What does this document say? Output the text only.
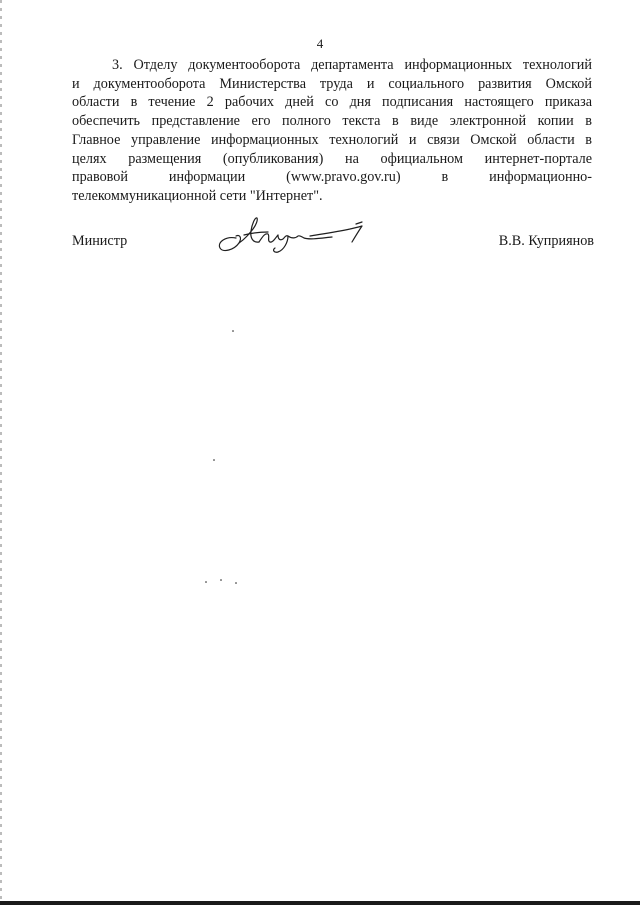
4
3. Отделу документооборота департамента информационных технологий
и документооборота Министерства труда и социального развития Омской
области в течение 2 рабочих дней со дня подписания настоящего приказа
обеспечить представление его полного текста в виде электронной копии в
Главное управление информационных технологий и связи Омской области в
целях размещения (опубликования) на официальном интернет-портале
правовой информации (www.pravo.gov.ru) в информационно-
телекоммуникационной сети "Интернет".
Министр	В.В. Куприянов
